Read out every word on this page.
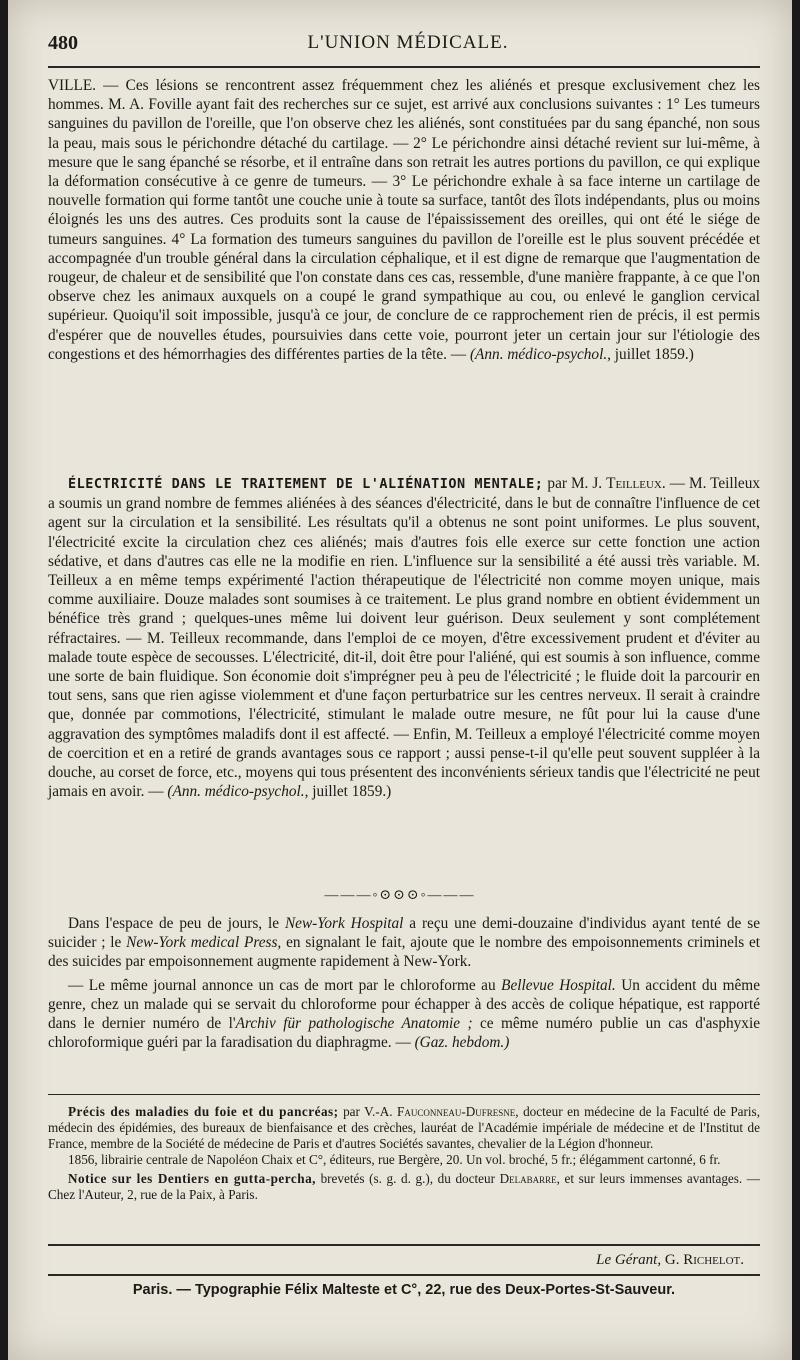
480	L'UNION MÉDICALE.

VILLE. — Ces lésions se rencontrent assez fréquemment chez les aliénés et presque exclusivement chez les hommes. M. A. Foville ayant fait des recherches sur ce sujet, est arrivé aux conclusions suivantes : 1° Les tumeurs sanguines du pavillon de l'oreille, que l'on observe chez les aliénés, sont constituées par du sang épanché, non sous la peau, mais sous le périchondre détaché du cartilage. — 2° Le périchondre ainsi détaché revient sur lui-même, à mesure que le sang épanché se résorbe, et il entraîne dans son retrait les autres portions du pavillon, ce qui explique la déformation consécutive à ce genre de tumeurs. — 3° Le périchondre exhale à sa face interne un cartilage de nouvelle formation qui forme tantôt une couche unie à toute sa surface, tantôt des îlots indépendants, plus ou moins éloignés les uns des autres. Ces produits sont la cause de l'épaississement des oreilles, qui ont été le siége de tumeurs sanguines. 4° La formation des tumeurs sanguines du pavillon de l'oreille est le plus souvent précédée et accompagnée d'un trouble général dans la circulation céphalique, et il est digne de remarque que l'augmentation de rougeur, de chaleur et de sensibilité que l'on constate dans ces cas, ressemble, d'une manière frappante, à ce que l'on observe chez les animaux auxquels on a coupé le grand sympathique au cou, ou enlevé le ganglion cervical supérieur. Quoiqu'il soit impossible, jusqu'à ce jour, de conclure de ce rapprochement rien de précis, il est permis d'espérer que de nouvelles études, poursuivies dans cette voie, pourront jeter un certain jour sur l'étiologie des congestions et des hémorrhagies des différentes parties de la tête. — (Ann. médico-psychol., juillet 1859.)

ÉLECTRICITÉ DANS LE TRAITEMENT DE L'ALIÉNATION MENTALE; par M. J. Teilleux. — M. Teilleux a soumis un grand nombre de femmes aliénées à des séances d'électricité, dans le but de connaître l'influence de cet agent sur la circulation et la sensibilité. Les résultats qu'il a obtenus ne sont point uniformes. Le plus souvent, l'électricité excite la circulation chez ces aliénés; mais d'autres fois elle exerce sur cette fonction une action sédative, et dans d'autres cas elle ne la modifie en rien. L'influence sur la sensibilité a été aussi très variable. M. Teilleux a en même temps expérimenté l'action thérapeutique de l'électricité non comme moyen unique, mais comme auxiliaire. Douze malades sont soumises à ce traitement. Le plus grand nombre en obtient évidemment un bénéfice très grand ; quelques-unes même lui doivent leur guérison. Deux seulement y sont complétement réfractaires. — M. Teilleux recommande, dans l'emploi de ce moyen, d'être excessivement prudent et d'éviter au malade toute espèce de secousses. L'électricité, dit-il, doit être pour l'aliéné, qui est soumis à son influence, comme une sorte de bain fluidique. Son économie doit s'imprégner peu à peu de l'électricité ; le fluide doit la parcourir en tout sens, sans que rien agisse violemment et d'une façon perturbatrice sur les centres nerveux. Il serait à craindre que, donnée par commotions, l'électricité, stimulant le malade outre mesure, ne fût pour lui la cause d'une aggravation des symptômes maladifs dont il est affecté. — Enfin, M. Teilleux a employé l'électricité comme moyen de coercition et en a retiré de grands avantages sous ce rapport ; aussi pense-t-il qu'elle peut souvent suppléer à la douche, au corset de force, etc., moyens qui tous présentent des inconvénients sérieux tandis que l'électricité ne peut jamais en avoir. — (Ann. médico-psychol., juillet 1859.)

———◦⊙⊙⊙◦———

Dans l'espace de peu de jours, le New-York Hospital a reçu une demi-douzaine d'individus ayant tenté de se suicider ; le New-York medical Press, en signalant le fait, ajoute que le nombre des empoisonnements criminels et des suicides par empoisonnement augmente rapidement à New-York.

— Le même journal annonce un cas de mort par le chloroforme au Bellevue Hospital. Un accident du même genre, chez un malade qui se servait du chloroforme pour échapper à des accès de colique hépatique, est rapporté dans le dernier numéro de l'Archiv für pathologische Anatomie ; ce même numéro publie un cas d'asphyxie chloroformique guéri par la faradisation du diaphragme. — (Gaz. hebdom.)

Précis des maladies du foie et du pancréas; par V.-A. Fauconneau-Dufresne, docteur en médecine de la Faculté de Paris, médecin des épidémies, des bureaux de bienfaisance et des crèches, lauréat de l'Académie impériale de médecine et de l'Institut de France, membre de la Société de médecine de Paris et d'autres Sociétés savantes, chevalier de la Légion d'honneur.

1856, librairie centrale de Napoléon Chaix et C°, éditeurs, rue Bergère, 20. Un vol. broché, 5 fr.; élégamment cartonné, 6 fr.

Notice sur les Dentiers en gutta-percha, brevetés (s. g. d. g.), du docteur Delabarre, et sur leurs immenses avantages. — Chez l'Auteur, 2, rue de la Paix, à Paris.

Le Gérant, G. Richelot.
Paris. — Typographie Félix Malteste et C°, 22, rue des Deux-Portes-St-Sauveur.
